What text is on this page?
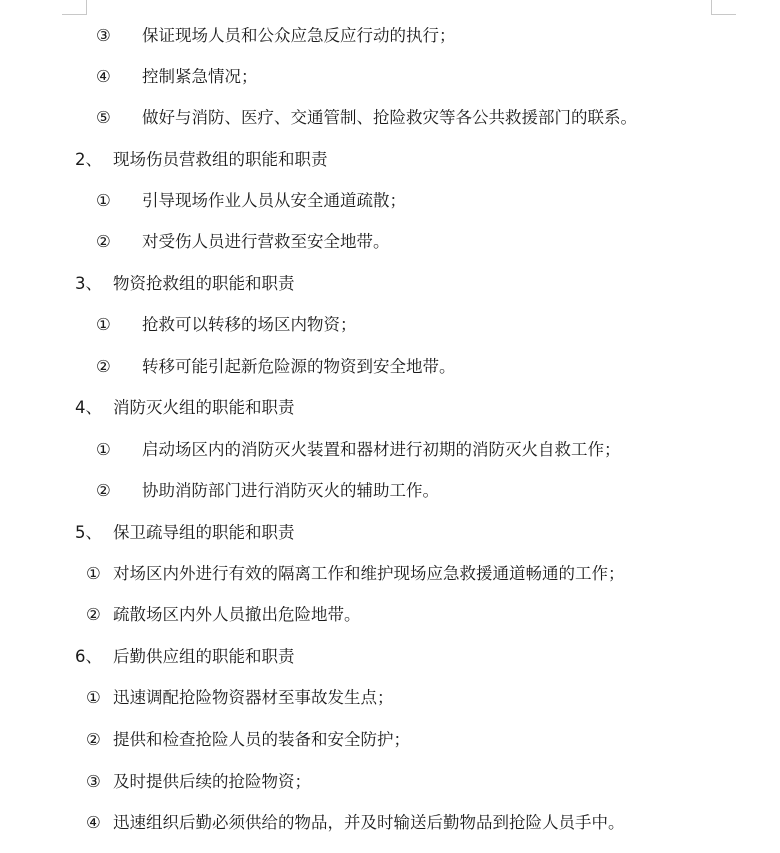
③ 保证现场人员和公众应急反应行动的执行；
④ 控制紧急情况；
⑤ 做好与消防、医疗、交通管制、抢险救灾等各公共救援部门的联系。
2、 现场伤员营救组的职能和职责
① 引导现场作业人员从安全通道疏散；
② 对受伤人员进行营救至安全地带。
3、 物资抢救组的职能和职责
① 抢救可以转移的场区内物资；
② 转移可能引起新危险源的物资到安全地带。
4、 消防灭火组的职能和职责
① 启动场区内的消防灭火装置和器材进行初期的消防灭火自救工作；
② 协助消防部门进行消防灭火的辅助工作。
5、 保卫疏导组的职能和职责
① 对场区内外进行有效的隔离工作和维护现场应急救援通道畅通的工作；
② 疏散场区内外人员撤出危险地带。
6、 后勤供应组的职能和职责
① 迅速调配抢险物资器材至事故发生点；
② 提供和检查抢险人员的装备和安全防护；
③ 及时提供后续的抢险物资；
④ 迅速组织后勤必须供给的物品，并及时输送后勤物品到抢险人员手中。
